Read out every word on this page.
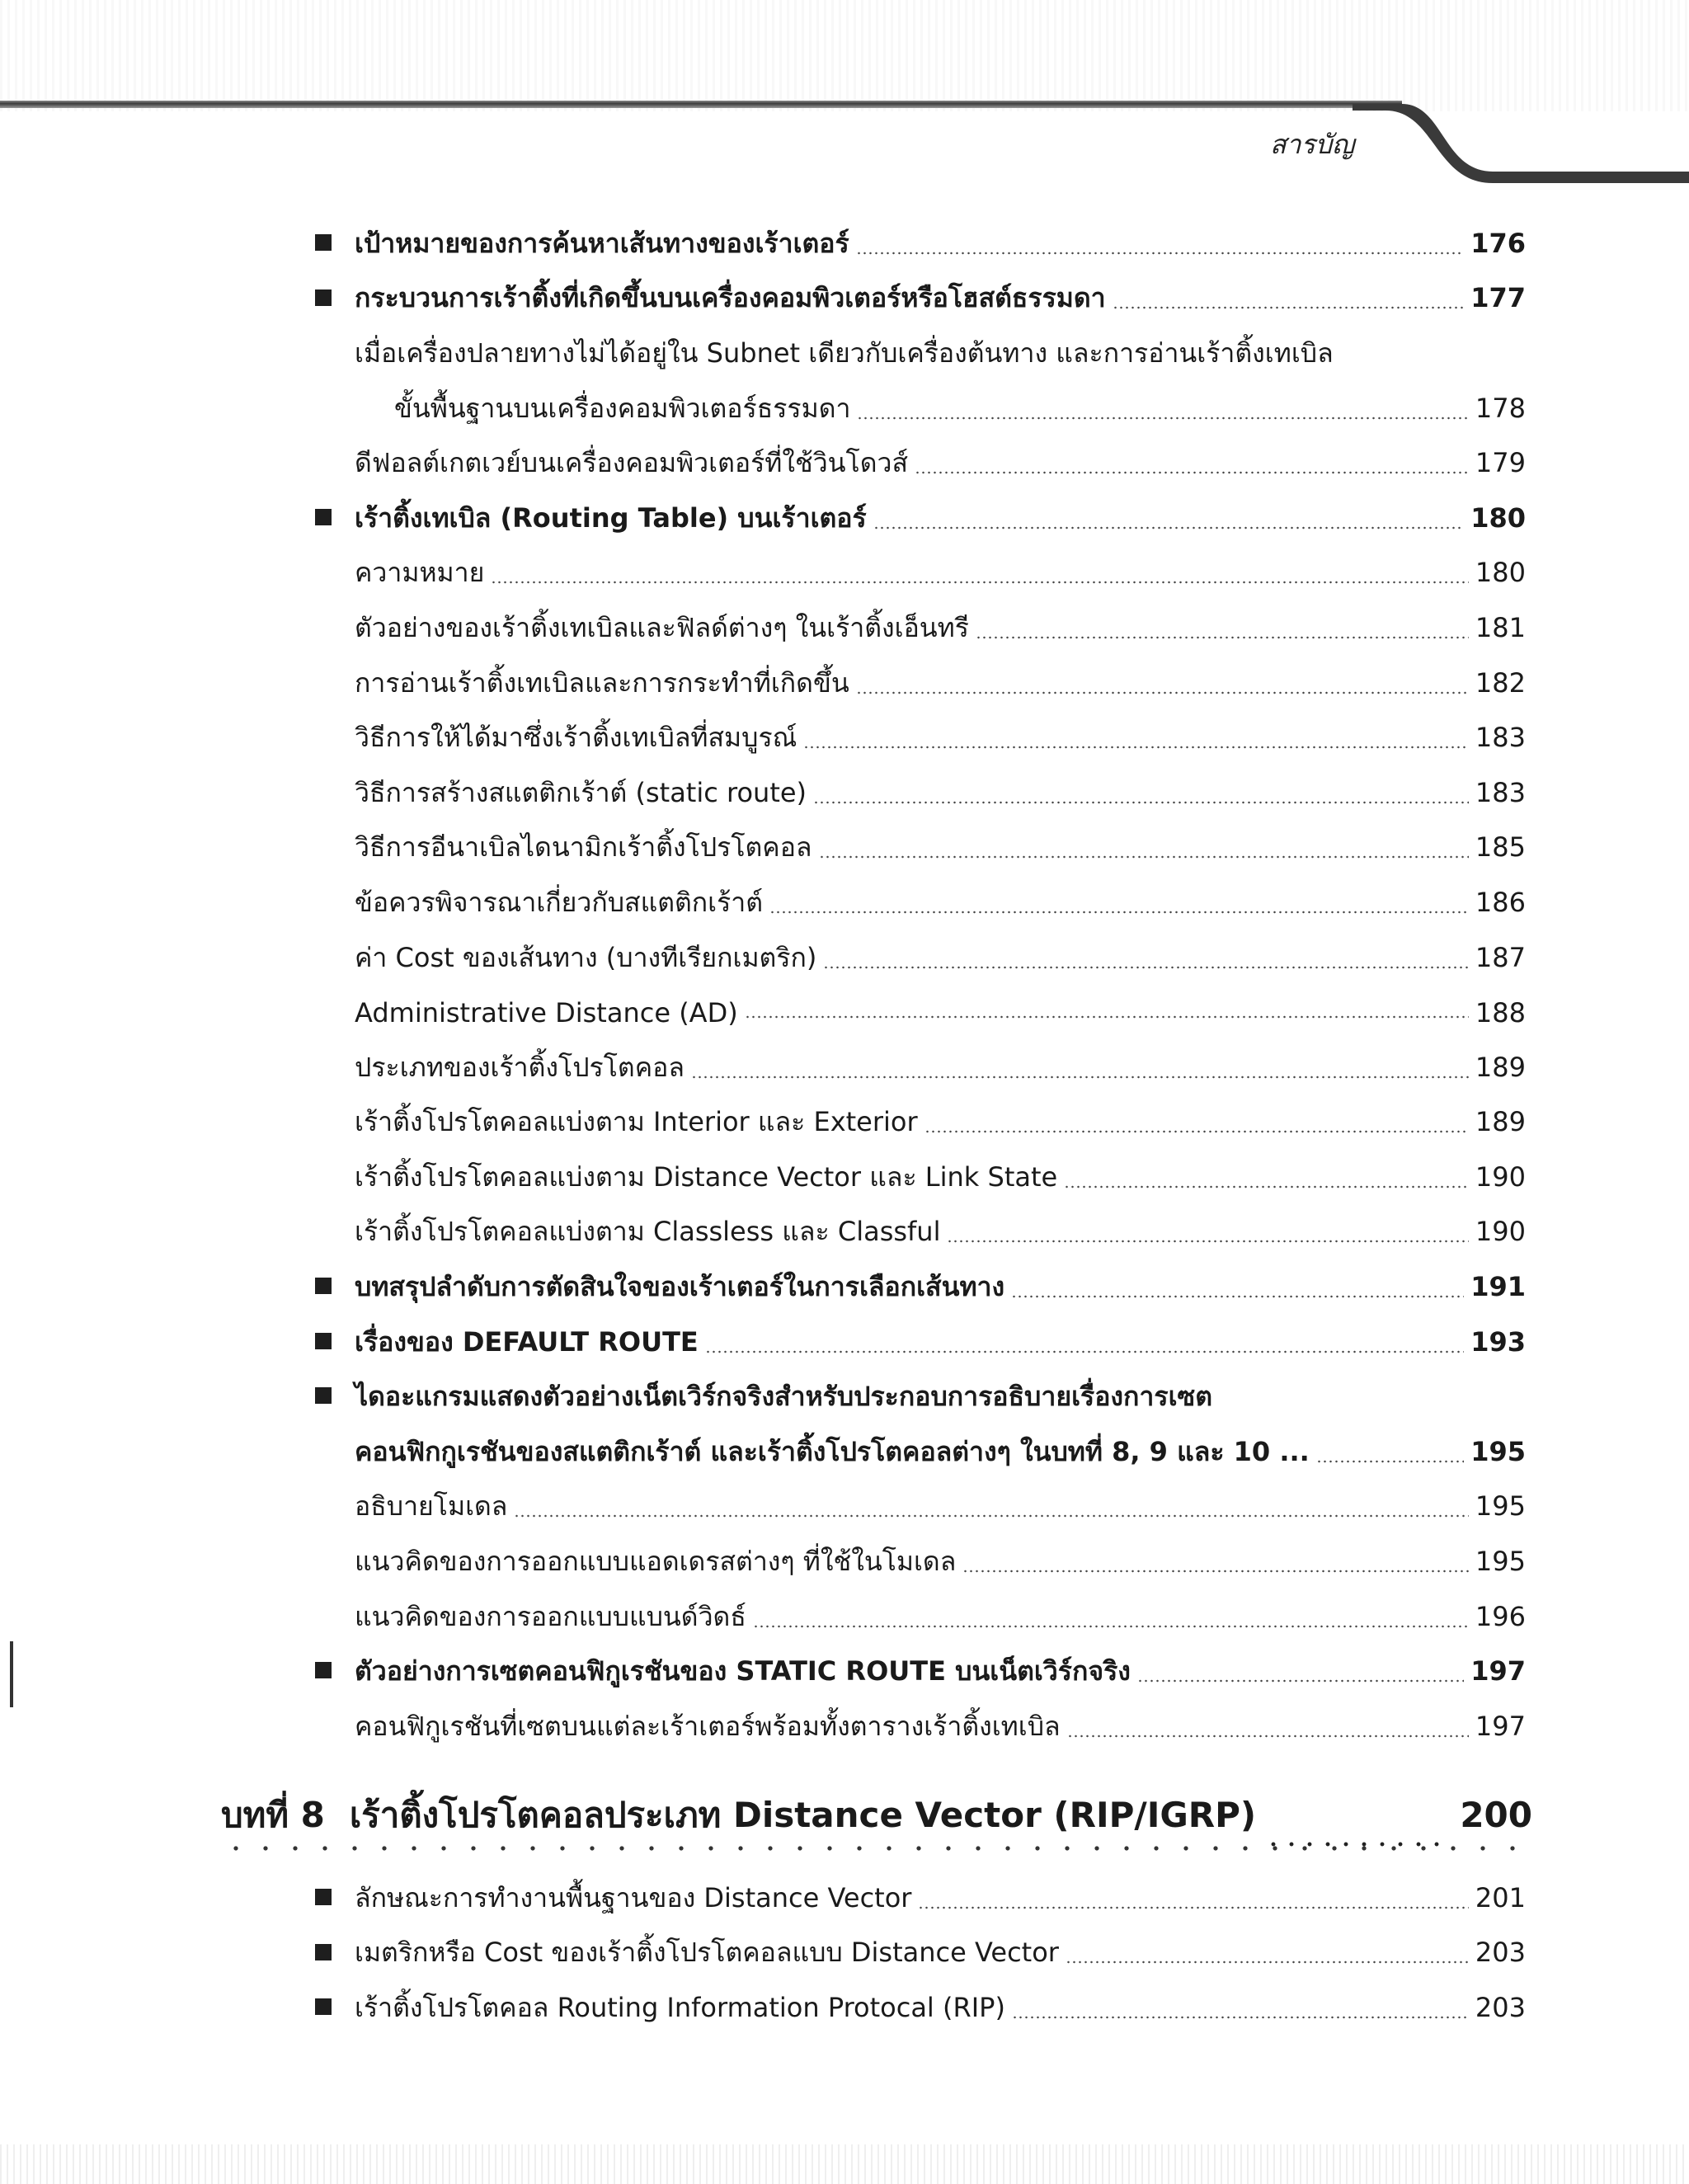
สารบัญ
เป้าหมายของการค้นหาเส้นทางของเร้าเตอร์	176
กระบวนการเร้าติ้งที่เกิดขึ้นบนเครื่องคอมพิวเตอร์หรือโฮสต์ธรรมดา	177
เมื่อเครื่องปลายทางไม่ได้อยู่ใน Subnet เดียวกับเครื่องต้นทาง และการอ่านเร้าติ้งเทเบิล
ขั้นพื้นฐานบนเครื่องคอมพิวเตอร์ธรรมดา	178
ดีฟอลต์เกตเวย์บนเครื่องคอมพิวเตอร์ที่ใช้วินโดวส์	179
เร้าติ้งเทเบิล (Routing Table) บนเร้าเตอร์	180
ความหมาย	180
ตัวอย่างของเร้าติ้งเทเบิลและฟิลด์ต่างๆ ในเร้าติ้งเอ็นทรี	181
การอ่านเร้าติ้งเทเบิลและการกระทำที่เกิดขึ้น	182
วิธีการให้ได้มาซึ่งเร้าติ้งเทเบิลที่สมบูรณ์	183
วิธีการสร้างสแตติกเร้าต์ (static route)	183
วิธีการอีนาเบิลไดนามิกเร้าติ้งโปรโตคอล	185
ข้อควรพิจารณาเกี่ยวกับสแตติกเร้าต์	186
ค่า Cost ของเส้นทาง (บางทีเรียกเมตริก)	187
Administrative Distance (AD)	188
ประเภทของเร้าติ้งโปรโตคอล	189
เร้าติ้งโปรโตคอลแบ่งตาม Interior และ Exterior	189
เร้าติ้งโปรโตคอลแบ่งตาม Distance Vector และ Link State	190
เร้าติ้งโปรโตคอลแบ่งตาม Classless และ Classful	190
บทสรุปลำดับการตัดสินใจของเร้าเตอร์ในการเลือกเส้นทาง	191
เรื่องของ DEFAULT ROUTE	193
ไดอะแกรมแสดงตัวอย่างเน็ตเวิร์กจริงสำหรับประกอบการอธิบายเรื่องการเซต
คอนฟิกกูเรชันของสแตติกเร้าต์ และเร้าติ้งโปรโตคอลต่างๆ ในบทที่ 8, 9 และ 10 ...	195
อธิบายโมเดล	195
แนวคิดของการออกแบบแอดเดรสต่างๆ ที่ใช้ในโมเดล	195
แนวคิดของการออกแบบแบนด์วิดธ์	196
ตัวอย่างการเซตคอนฟิกูเรชันของ STATIC ROUTE บนเน็ตเวิร์กจริง	197
คอนฟิกูเรชันที่เซตบนแต่ละเร้าเตอร์พร้อมทั้งตารางเร้าติ้งเทเบิล	197
บทที่ 8 เร้าติ้งโปรโตคอลประเภท Distance Vector (RIP/IGRP)	200
ลักษณะการทำงานพื้นฐานของ Distance Vector	201
เมตริกหรือ Cost ของเร้าติ้งโปรโตคอลแบบ Distance Vector	203
เร้าติ้งโปรโตคอล Routing Information Protocal (RIP)	203
